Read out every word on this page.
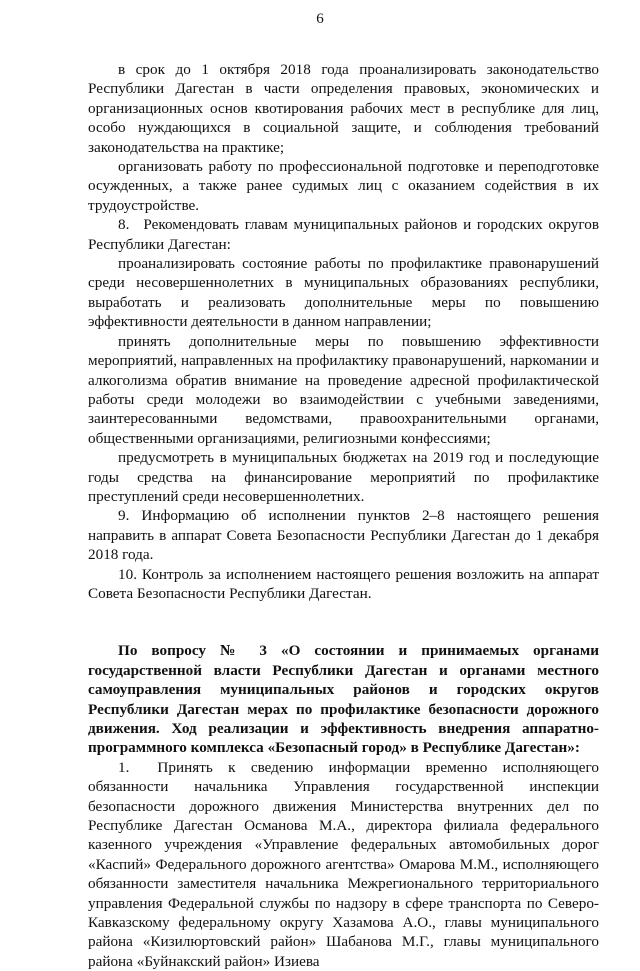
6

в срок до 1 октября 2018 года проанализировать законодательство Республики Дагестан в части определения правовых, экономических и организационных основ квотирования рабочих мест в республике для лиц, особо нуждающихся в социальной защите, и соблюдения требований законодательства на практике;

организовать работу по профессиональной подготовке и переподготовке осужденных, а также ранее судимых лиц с оказанием содействия в их трудоустройстве.

8. Рекомендовать главам муниципальных районов и городских округов Республики Дагестан:

проанализировать состояние работы по профилактике правонарушений среди несовершеннолетних в муниципальных образованиях республики, выработать и реализовать дополнительные меры по повышению эффективности деятельности в данном направлении;

принять дополнительные меры по повышению эффективности мероприятий, направленных на профилактику правонарушений, наркомании и алкоголизма обратив внимание на проведение адресной профилактической работы среди молодежи во взаимодействии с учебными заведениями, заинтересованными ведомствами, правоохранительными органами, общественными организациями, религиозными конфессиями;

предусмотреть в муниципальных бюджетах на 2019 год и последующие годы средства на финансирование мероприятий по профилактике преступлений среди несовершеннолетних.

9. Информацию об исполнении пунктов 2–8 настоящего решения направить в аппарат Совета Безопасности Республики Дагестан до 1 декабря 2018 года.

10. Контроль за исполнением настоящего решения возложить на аппарат Совета Безопасности Республики Дагестан.

По вопросу № 3 «О состоянии и принимаемых органами государственной власти Республики Дагестан и органами местного самоуправления муниципальных районов и городских округов Республики Дагестан мерах по профилактике безопасности дорожного движения. Ход реализации и эффективность внедрения аппаратно-программного комплекса «Безопасный город» в Республике Дагестан»:

1. Принять к сведению информации временно исполняющего обязанности начальника Управления государственной инспекции безопасности дорожного движения Министерства внутренних дел по Республике Дагестан Османова М.А., директора филиала федерального казенного учреждения «Управление федеральных автомобильных дорог «Каспий» Федерального дорожного агентства» Омарова М.М., исполняющего обязанности заместителя начальника Межрегионального территориального управления Федеральной службы по надзору в сфере транспорта по Северо-Кавказскому федеральному округу Хазамова А.О., главы муниципального района «Кизилюртовский район» Шабанова М.Г., главы муниципального района «Буйнакский район» Изиева
